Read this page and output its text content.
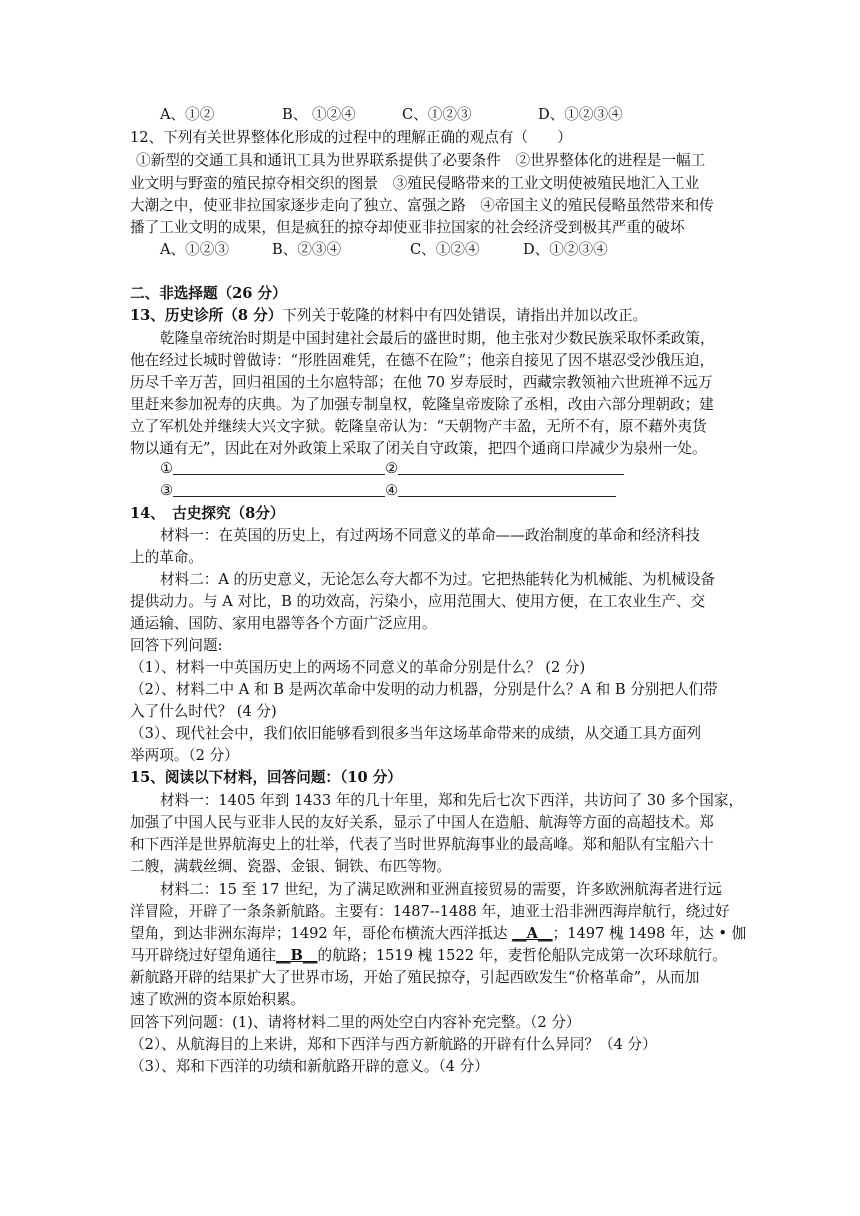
A、①②	B、 ①②④	C、①②③	D、①②③④
12、下列有关世界整体化形成的过程中的理解正确的观点有（　　）
①新型的交通工具和通讯工具为世界联系提供了必要条件　②世界整体化的进程是一幅工
业文明与野蛮的殖民掠夺相交织的图景　③殖民侵略带来的工业文明使被殖民地汇入工业
大潮之中，使亚非拉国家逐步走向了独立、富强之路　④帝国主义的殖民侵略虽然带来和传
播了工业文明的成果，但是疯狂的掠夺却使亚非拉国家的社会经济受到极其严重的破坏
A、①②③	B、②③④	C、①②④	D、①②③④
二、非选择题（26 分）
13、历史诊所（8 分）下列关于乾隆的材料中有四处错误，请指出并加以改正。
乾隆皇帝统治时期是中国封建社会最后的盛世时期，他主张对少数民族采取怀柔政策，
他在经过长城时曾做诗：“形胜固难凭，在德不在险”；他亲自接见了因不堪忍受沙俄压迫，
历尽千辛万苦，回归祖国的土尔扈特部；在他 70 岁寿辰时，西藏宗教领袖六世班禅不远万
里赶来参加祝寿的庆典。为了加强专制皇权，乾隆皇帝废除了丞相，改由六部分理朝政；建
立了军机处并继续大兴文字狱。乾隆皇帝认为：“天朝物产丰盈，无所不有，原不藉外夷货
物以通有无”，因此在对外政策上采取了闭关自守政策，把四个通商口岸减少为泉州一处。
①	②
③	④
14、　古史探究（8分）
材料一：在英国的历史上，有过两场不同意义的革命——政治制度的革命和经济科技
上的革命。
材料二：A 的历史意义，无论怎么夸大都不为过。它把热能转化为机械能、为机械设备
提供动力。与 A 对比，B 的功效高，污染小，应用范围大、使用方便，在工农业生产、交
通运输、国防、家用电器等各个方面广泛应用。
回答下列问题:
（1）、材料一中英国历史上的两场不同意义的革命分别是什么？ (2 分)
（2）、材料二中 A 和 B 是两次革命中发明的动力机器，分别是什么？A 和 B 分别把人们带
入了什么时代？ (4 分)
（3）、现代社会中，我们依旧能够看到很多当年这场革命带来的成绩，从交通工具方面列
举两项。（2 分）
15、阅读以下材料，回答问题：（10 分）
材料一：1405 年到 1433 年的几十年里，郑和先后七次下西洋，共访问了 30 多个国家，
加强了中国人民与亚非人民的友好关系，显示了中国人在造船、航海等方面的高超技术。郑
和下西洋是世界航海史上的壮举，代表了当时世界航海事业的最高峰。郑和船队有宝船六十
二艘，满载丝绸、瓷器、金银、铜铁、布匹等物。
材料二：15 至 17 世纪，为了满足欧洲和亚洲直接贸易的需要，许多欧洲航海者进行远
洋冒险，开辟了一条条新航路。主要有：1487--1488 年，迪亚士沿非洲西海岸航行，绕过好
望角，到达非洲东海岸；1492 年，哥伦布横流大西洋抵达 __A__；1497 槐 1498 年，达 • 伽
马开辟绕过好望角通往__B__的航路；1519 槐 1522 年，麦哲伦船队完成第一次环球航行。
新航路开辟的结果扩大了世界市场，开始了殖民掠夺，引起西欧发生“价格革命”，从而加
速了欧洲的资本原始积累。
回答下列问题：(1)、请将材料二里的两处空白内容补充完整。（2 分）
（2）、从航海目的上来讲，郑和下西洋与西方新航路的开辟有什么异同？（4 分）
（3）、郑和下西洋的功绩和新航路开辟的意义。（4 分）
